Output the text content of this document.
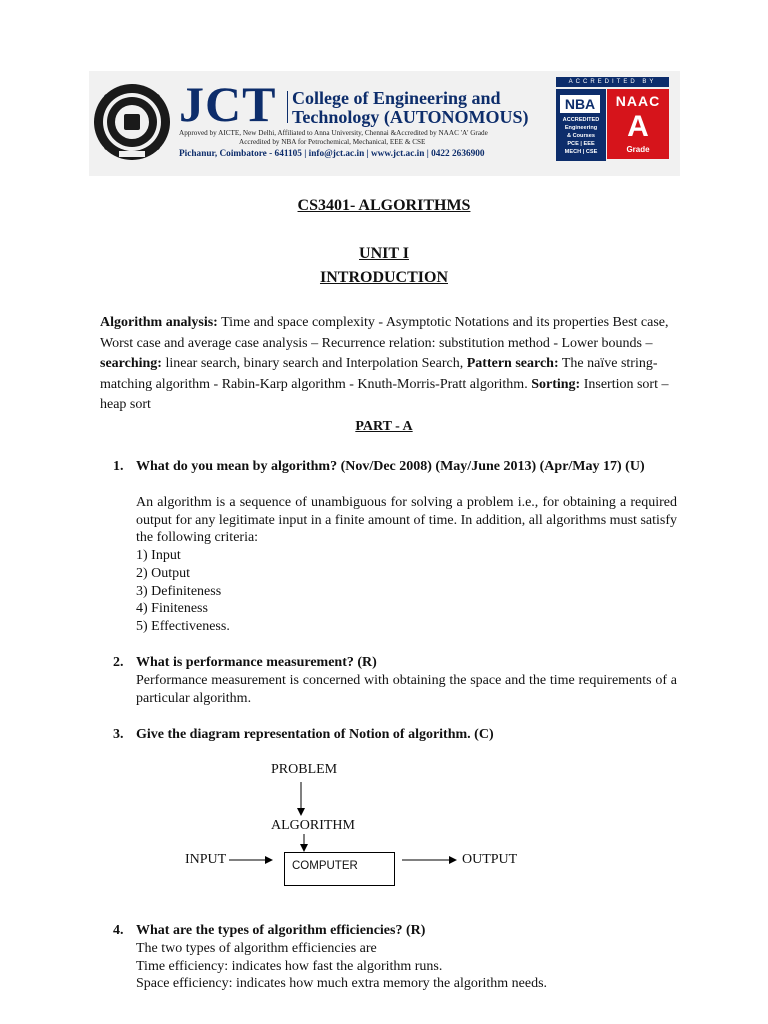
JCT College of Engineering and
Technology (AUTONOMOUS)
Approved by AICTE, New Delhi, Affiliated to Anna University, Chennai &Accredited by NAAC 'A' Grade
Accredited by NBA for Petrochemical, Mechanical, EEE & CSE
Pichanur, Coimbatore - 641105 | info@jct.ac.in | www.jct.ac.in | 0422 2636900
ACCREDITED BY
NBA
ACCREDITED
Engineering
& Courses
PCE | EEE
MECH | CSE
NAAC
A
Grade
CS3401- ALGORITHMS
UNIT I
INTRODUCTION
Algorithm analysis: Time and space complexity - Asymptotic Notations and its properties Best case, Worst case and average case analysis – Recurrence relation: substitution method - Lower bounds – searching: linear search, binary search and Interpolation Search, Pattern search: The naïve string- matching algorithm - Rabin-Karp algorithm - Knuth-Morris-Pratt algorithm. Sorting: Insertion sort – heap sort
PART - A
1. What do you mean by algorithm? (Nov/Dec 2008) (May/June 2013) (Apr/May 17) (U)

An algorithm is a sequence of unambiguous for solving a problem i.e., for obtaining a required output for any legitimate input in a finite amount of time. In addition, all algorithms must satisfy the following criteria:

1) Input
2) Output
3) Definiteness
4) Finiteness
5) Effectiveness.
2. What is performance measurement? (R)

Performance measurement is concerned with obtaining the space and the time requirements of a particular algorithm.

3. Give the diagram representation of Notion of algorithm. (C)
PROBLEM
ALGORITHM
INPUT	COMPUTER	OUTPUT
4. What are the types of algorithm efficiencies? (R)
The two types of algorithm efficiencies are
Time efficiency: indicates how fast the algorithm runs.
Space efficiency: indicates how much extra memory the algorithm needs.
